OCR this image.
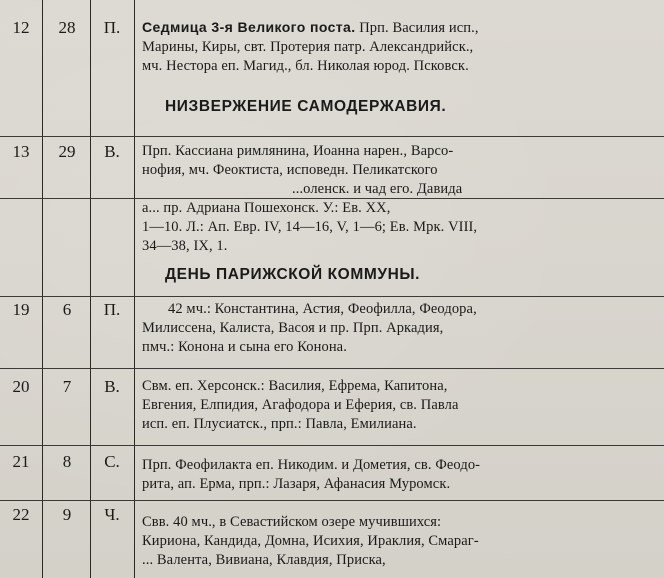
12	28	П.	Седмица 3-я Великого поста. Прп. Василия исп.,
Марины, Киры, свт. Протерия патр. Александрийск.,
мч. Нестора еп. Магид., бл. Николая юрод. Псковск.
НИЗВЕРЖЕНИЕ САМОДЕРЖАВИЯ.
13	29	В.	Прп. Кассиана римлянина, Иоанна нарен., Варсо-
нофия, мч. Феоктиста, исповедн. Пеликатского
...оленск. и чад его. Давида
а... пр. Адриана Пошехонск. У.: Ев. XX,
1—10. Л.: Ап. Евр. IV, 14—16, V, 1—6; Ев. Мрк. VIII,
34—38, IX, 1.
ДЕНЬ ПАРИЖСКОЙ КОММУНЫ.
19	6	П.	42 мч.: Константина, Астия, Феофилла, Феодора,
Милиссена, Калиста, Васоя и пр. Прп. Аркадия,
пмч.: Конона и сына его Конона.
20	7	В.	Свм. еп. Херсонск.: Василия, Ефрема, Капитона,
Евгения, Елпидия, Агафодора и Еферия, св. Павла
исп. еп. Плусиатск., прп.: Павла, Емилиана.
21	8	С.	Прп. Феофилакта еп. Никодим. и Дометия, св. Феодо-
рита, ап. Ерма, прп.: Лазаря, Афанасия Муромск.
22	9	Ч.	Свв. 40 мч., в Севастийском озере мучившихся:
Кириона, Кандида, Домна, Исихия, Ираклия, Смараг-
... Валента, Вивиана, Клавдия, Приска,
